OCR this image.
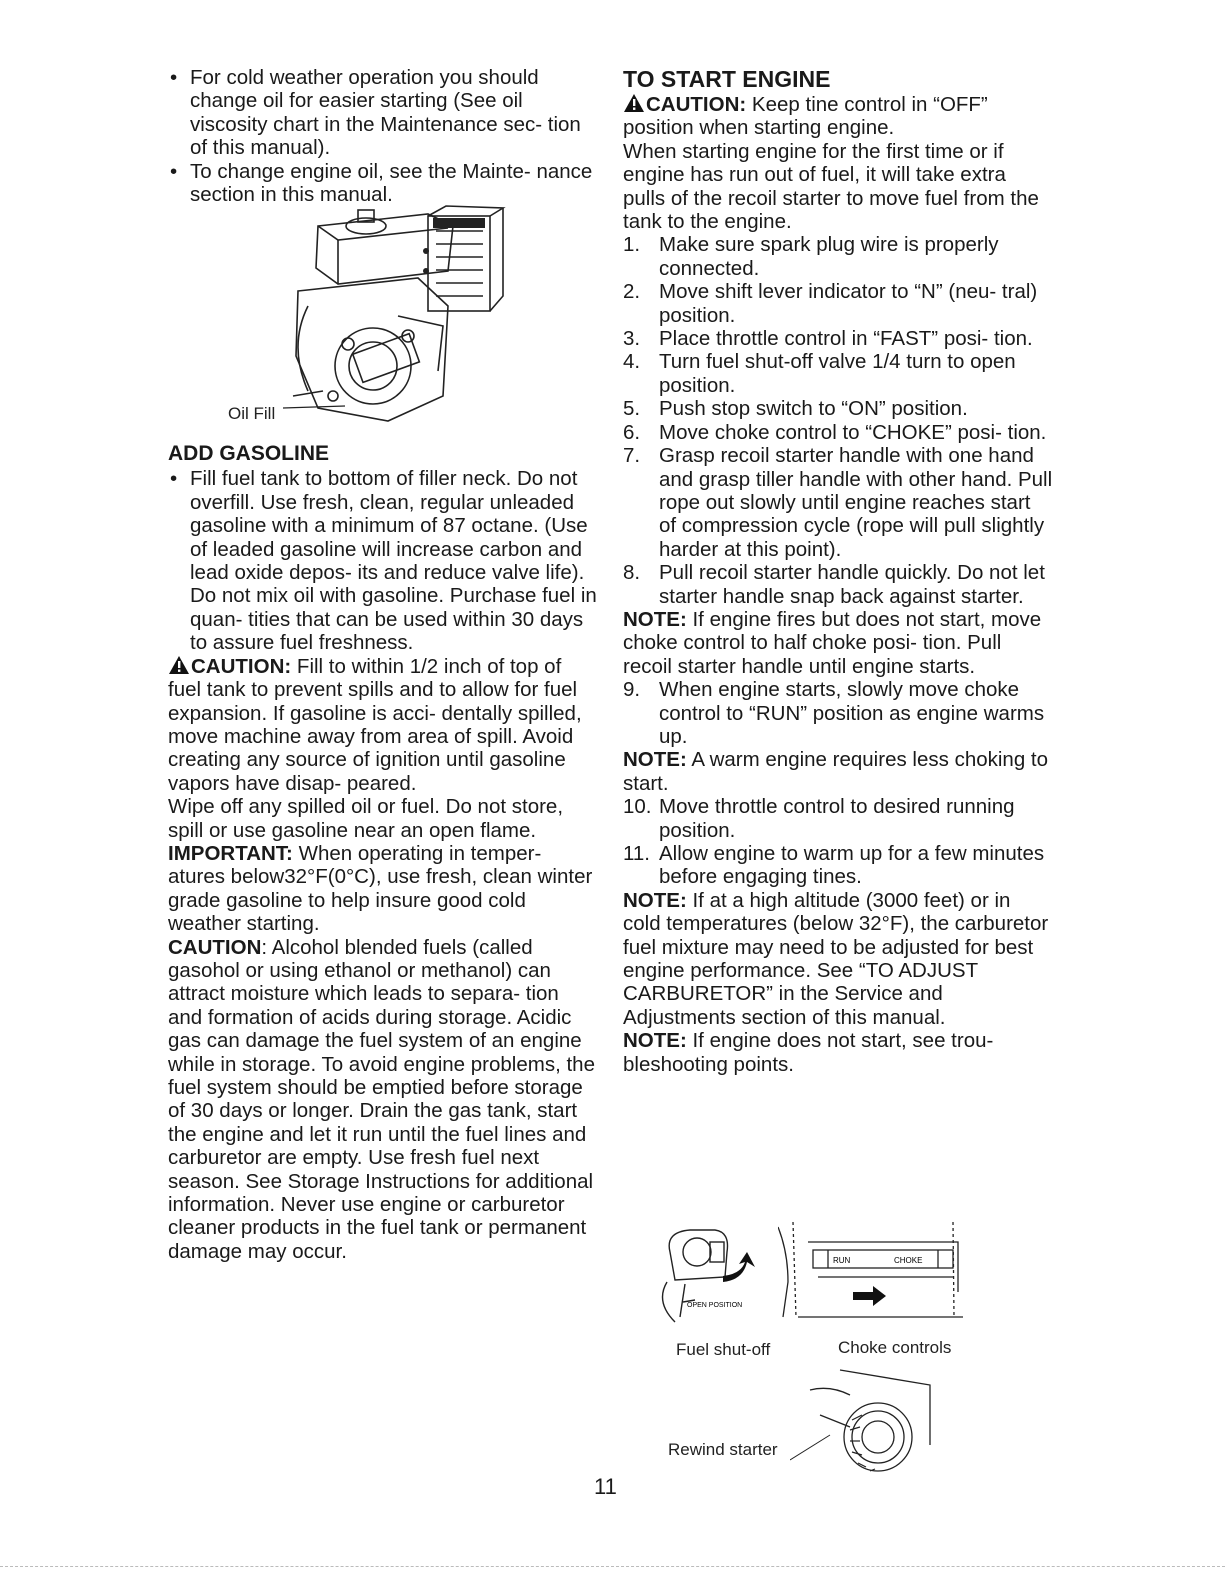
• For cold weather operation you should change oil for easier starting (See oil viscosity chart in the Maintenance sec- tion of this manual).
• To change engine oil, see the Mainte- nance section in this manual.
Oil Fill
ADD GASOLINE
• Fill fuel tank to bottom of filler neck. Do not overfill. Use fresh, clean, regular unleaded gasoline with a minimum of 87 octane. (Use of leaded gasoline will increase carbon and lead oxide depos- its and reduce valve life). Do not mix oil with gasoline. Purchase fuel in quan- tities that can be used within 30 days to assure fuel freshness.

CAUTION: Fill to within 1/2 inch of top of fuel tank to prevent spills and to allow for fuel expansion. If gasoline is acci- dentally spilled, move machine away from area of spill. Avoid creating any source of ignition until gasoline vapors have disap- peared.

Wipe off any spilled oil or fuel. Do not store, spill or use gasoline near an open flame.

IMPORTANT: When operating in temper- atures below32°F(0°C), use fresh, clean winter grade gasoline to help insure good cold weather starting.

CAUTION: Alcohol blended fuels (called gasohol or using ethanol or methanol) can attract moisture which leads to separa- tion and formation of acids during storage. Acidic gas can damage the fuel system of an engine while in storage. To avoid engine problems, the fuel system should be emptied before storage of 30 days or longer. Drain the gas tank, start the engine and let it run until the fuel lines and carburetor are empty. Use fresh fuel next season. See Storage Instructions for additional information. Never use engine or carburetor cleaner products in the fuel tank or permanent damage may occur.

TO START ENGINE

CAUTION: Keep tine control in “OFF” position when starting engine.

When starting engine for the first time or if engine has run out of fuel, it will take extra pulls of the recoil starter to move fuel from the tank to the engine.

1. Make sure spark plug wire is properly connected.
2. Move shift lever indicator to “N” (neu- tral) position.
3. Place throttle control in “FAST” posi- tion.
4. Turn fuel shut-off valve 1/4 turn to open position.
5. Push stop switch to “ON” position.
6. Move choke control to “CHOKE” posi- tion.
7. Grasp recoil starter handle with one hand and grasp tiller handle with other hand. Pull rope out slowly until engine reaches start of compression cycle (rope will pull slightly harder at this point).
8. Pull recoil starter handle quickly. Do not let starter handle snap back against starter.

NOTE: If engine fires but does not start, move choke control to half choke posi- tion. Pull recoil starter handle until engine starts.

9. When engine starts, slowly move choke control to “RUN” position as engine warms up.

NOTE: A warm engine requires less choking to start.

10. Move throttle control to desired running position.
11. Allow engine to warm up for a few minutes before engaging tines.

NOTE: If at a high altitude (3000 feet) or in cold temperatures (below 32°F), the carburetor fuel mixture may need to be adjusted for best engine performance. See “TO ADJUST CARBURETOR” in the Service and Adjustments section of this manual.

NOTE: If engine does not start, see trou- bleshooting points.

OPEN POSITION
RUN	CHOKE
Fuel shut-off	Choke controls
Rewind starter
11
